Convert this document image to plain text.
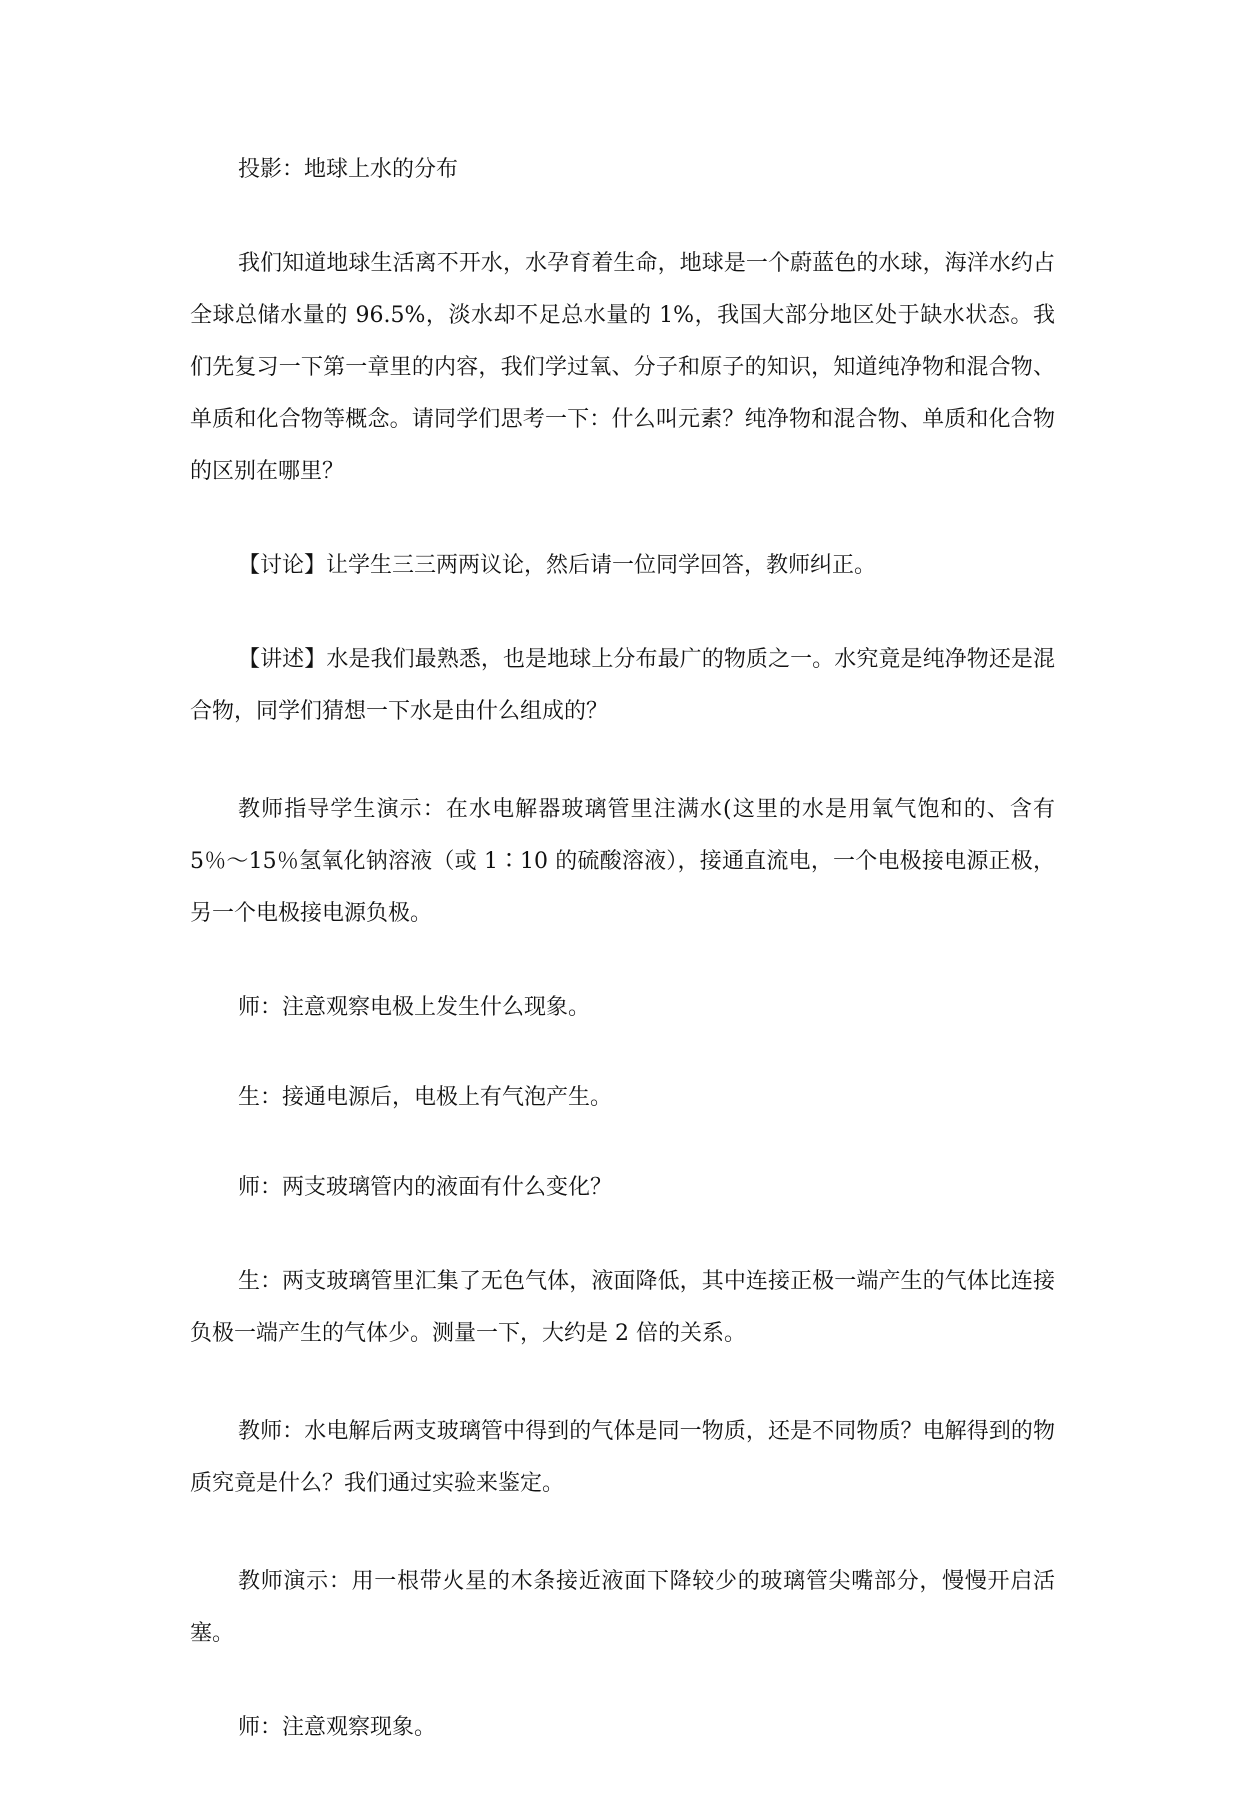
投影：地球上水的分布

我们知道地球生活离不开水，水孕育着生命，地球是一个蔚蓝色的水球，海洋水约占全球总储水量的 96.5%，淡水却不足总水量的 1%，我国大部分地区处于缺水状态。我们先复习一下第一章里的内容，我们学过氧、分子和原子的知识，知道纯净物和混合物、单质和化合物等概念。请同学们思考一下：什么叫元素？纯净物和混合物、单质和化合物的区别在哪里？

【讨论】让学生三三两两议论，然后请一位同学回答，教师纠正。

【讲述】水是我们最熟悉，也是地球上分布最广的物质之一。水究竟是纯净物还是混合物，同学们猜想一下水是由什么组成的？

教师指导学生演示：在水电解器玻璃管里注满水(这里的水是用氧气饱和的、含有 5％～15％氢氧化钠溶液（或 1∶10 的硫酸溶液），接通直流电，一个电极接电源正极，另一个电极接电源负极。

师：注意观察电极上发生什么现象。

生：接通电源后，电极上有气泡产生。

师：两支玻璃管内的液面有什么变化？

生：两支玻璃管里汇集了无色气体，液面降低，其中连接正极一端产生的气体比连接负极一端产生的气体少。测量一下，大约是 2 倍的关系。

教师：水电解后两支玻璃管中得到的气体是同一物质，还是不同物质？电解得到的物质究竟是什么？我们通过实验来鉴定。

教师演示：用一根带火星的木条接近液面下降较少的玻璃管尖嘴部分，慢慢开启活塞。

师：注意观察现象。
